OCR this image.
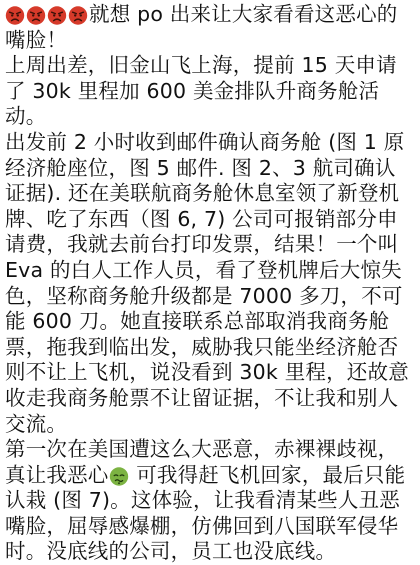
就想 po 出来让大家看看这恶心的嘴脸！

上周出差，旧金山飞上海，提前 15 天申请了 30k 里程加 600 美金排队升商务舱活动。

出发前 2 小时收到邮件确认商务舱 (图 1 原经济舱座位，图 5 邮件. 图 2、3 航司确认证据). 还在美联航商务舱休息室领了新登机牌、吃了东西（图 6, 7) 公司可报销部分申请费，我就去前台打印发票，结果！一个叫 Eva 的白人工作人员，看了登机牌后大惊失色，坚称商务舱升级都是 7000 多刀，不可能 600 刀。她直接联系总部取消我商务舱票，拖我到临出发，威胁我只能坐经济舱否则不让上飞机，说没看到 30k 里程，还故意收走我商务舱票不让留证据，不让我和别人交流。

第一次在美国遭这么大恶意，赤裸裸歧视，真让我恶心
可我得赶飞机回家，最后只能认栽 (图 7)。这体验，让我看清某些人丑恶嘴脸，屈辱感爆棚，仿佛回到八国联军侵华时。没底线的公司，员工也没底线。
